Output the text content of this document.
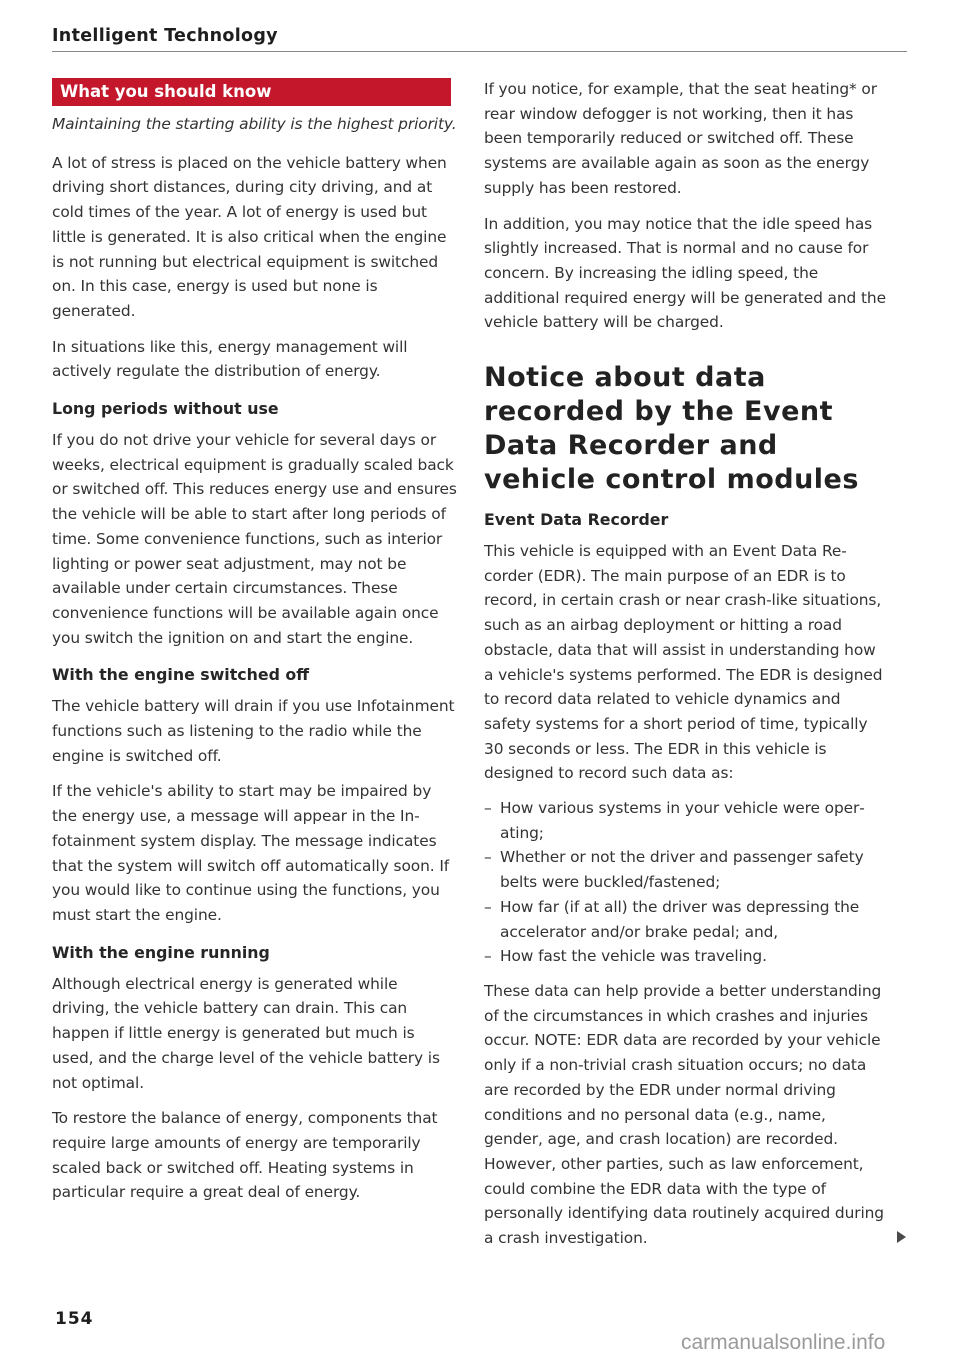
Intelligent Technology
What you should know

Maintaining the starting ability is the highest priority.

A lot of stress is placed on the vehicle battery when driving short distances, during city driving, and at cold times of the year. A lot of energy is used but little is generated. It is also critical when the engine is not running but electrical equipment is switched on. In this case, energy is used but none is generated.

In situations like this, energy management will actively regulate the distribution of energy.

Long periods without use

If you do not drive your vehicle for several days or weeks, electrical equipment is gradually scaled back or switched off. This reduces energy use and ensures the vehicle will be able to start after long periods of time. Some convenience functions, such as interior lighting or power seat adjustment, may not be available under certain circumstances. These convenience functions will be available again once you switch the ignition on and start the engine.

With the engine switched off

The vehicle battery will drain if you use Infotainment functions such as listening to the radio while the engine is switched off.

If the vehicle's ability to start may be impaired by the energy use, a message will appear in the Infotainment system display. The message indicates that the system will switch off automatically soon. If you would like to continue using the functions, you must start the engine.

With the engine running

Although electrical energy is generated while driving, the vehicle battery can drain. This can happen if little energy is generated but much is used, and the charge level of the vehicle battery is not optimal.

To restore the balance of energy, components that require large amounts of energy are temporarily scaled back or switched off. Heating systems in particular require a great deal of energy.

If you notice, for example, that the seat heating* or rear window defogger is not working, then it has been temporarily reduced or switched off. These systems are available again as soon as the energy supply has been restored.

In addition, you may notice that the idle speed has slightly increased. That is normal and no cause for concern. By increasing the idling speed, the additional required energy will be generated and the vehicle battery will be charged.

Notice about data recorded by the Event Data Recorder and vehicle control modules
Event Data Recorder

This vehicle is equipped with an Event Data Recorder (EDR). The main purpose of an EDR is to record, in certain crash or near crash-like situations, such as an airbag deployment or hitting a road obstacle, data that will assist in understanding how a vehicle's systems performed. The EDR is designed to record data related to vehicle dynamics and safety systems for a short period of time, typically 30 seconds or less. The EDR in this vehicle is designed to record such data as:

– How various systems in your vehicle were operating;
– Whether or not the driver and passenger safety belts were buckled/fastened;
– How far (if at all) the driver was depressing the accelerator and/or brake pedal; and,
– How fast the vehicle was traveling.

These data can help provide a better understanding of the circumstances in which crashes and injuries occur. NOTE: EDR data are recorded by your vehicle only if a non-trivial crash situation occurs; no data are recorded by the EDR under normal driving conditions and no personal data (e.g., name, gender, age, and crash location) are recorded. However, other parties, such as law enforcement, could combine the EDR data with the type of personally identifying data routinely acquired during a crash investigation.

154
carmanualsonline.info
